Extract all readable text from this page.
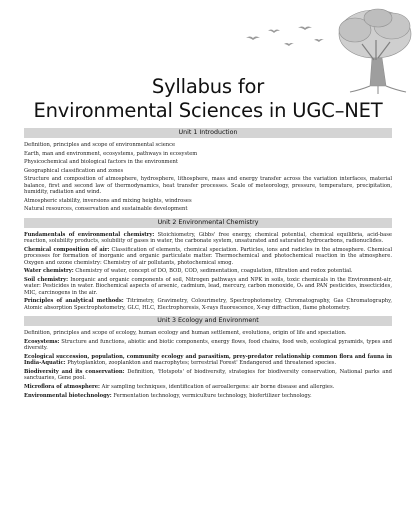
Syllabus for
Environmental Sciences in UGC–NET
Unit 1 Introduction
Definition, principles and scope of environmental science
Earth, man and environment, ecosystems, pathways in ecosystem
Physicochemical and biological factors in the environment
Geographical classification and zones
Structure and composition of atmosphere, hydrosphere, lithosphere, mass and energy transfer across the variation interfaces, material balance, first and second law of thermodynamics, heat transfer processes. Scale of meteorology, pressure, temperature, precipitation, humidity, radiation and wind.
Atmospheric stability, inversions and mixing heights, windroses
Natural resources, conservation and sustainable development
Unit 2 Environmental Chemistry
Fundamentals of environmental chemistry: Stoichiometry, Gibbs' free energy, chemical potential, chemical equilibria, acid-base reaction, solubility products, solubility of gases in water, the carbonate system, unsaturated and saturated hydrocarbons, radionuclides.
Chemical composition of air: Classification of elements, chemical speciation. Particles, ions and radicles in the atmosphere. Chemical processes for formation of inorganic and organic particulate matter. Thermochemical and photochemical reaction in the atmosphere. Oxygen and ozone chemistry: Chemistry of air pollutants, photochemical smog.
Water chemistry: Chemistry of water, concept of DO, BOD, COD, sedimentation, coagulation, filtration and redox potential.
Soil chemistry: Inorganic and organic components of soil, Nitrogen pathways and NPK in soils, toxic chemicals in the Environment-air, water: Pesticides in water. Biochemical aspects of arsenic, cadmium, lead, mercury, carbon monoxide, O₃ and PAN pesticides, insecticides, MIC, carcinogens in the air.
Principles of analytical methods: Titrimetry, Gravimetry, Colourimetry, Spectrophotometry, Chromatography, Gas Chromatography, Atomic absorption Spectrophotometry, GLC, HLC, Electrophoresis, X-rays fluorescence, X-ray diffraction, flame photometry.
Unit 3 Ecology and Environment
Definition, principles and scope of ecology, human ecology and human settlement, evolutions, origin of life and speciation.
Ecosystems: Structure and functions, abiotic and biotic components, energy flows, food chains, food web, ecological pyramids, types and diversity.
Ecological succession, population, community ecology and parasitism, prey-predator relationship common flora and fauna in India-Aquatic: Phytoplankton, zooplankton and macrophytes; terrestrial Forest' Endangered and threatened species.
Biodiversity and its conservation: Definition, 'Hotspots' of biodiversity, strategies for biodiversity conservation, National parks and sanctuaries, Gene pool.
Microflora of atmosphere: Air sampling techniques, identification of aeroallergens: air borne disease and allergies.
Environmental biotechnology: Fermentation technology, vermiculture technology, biofertilizer technology.
